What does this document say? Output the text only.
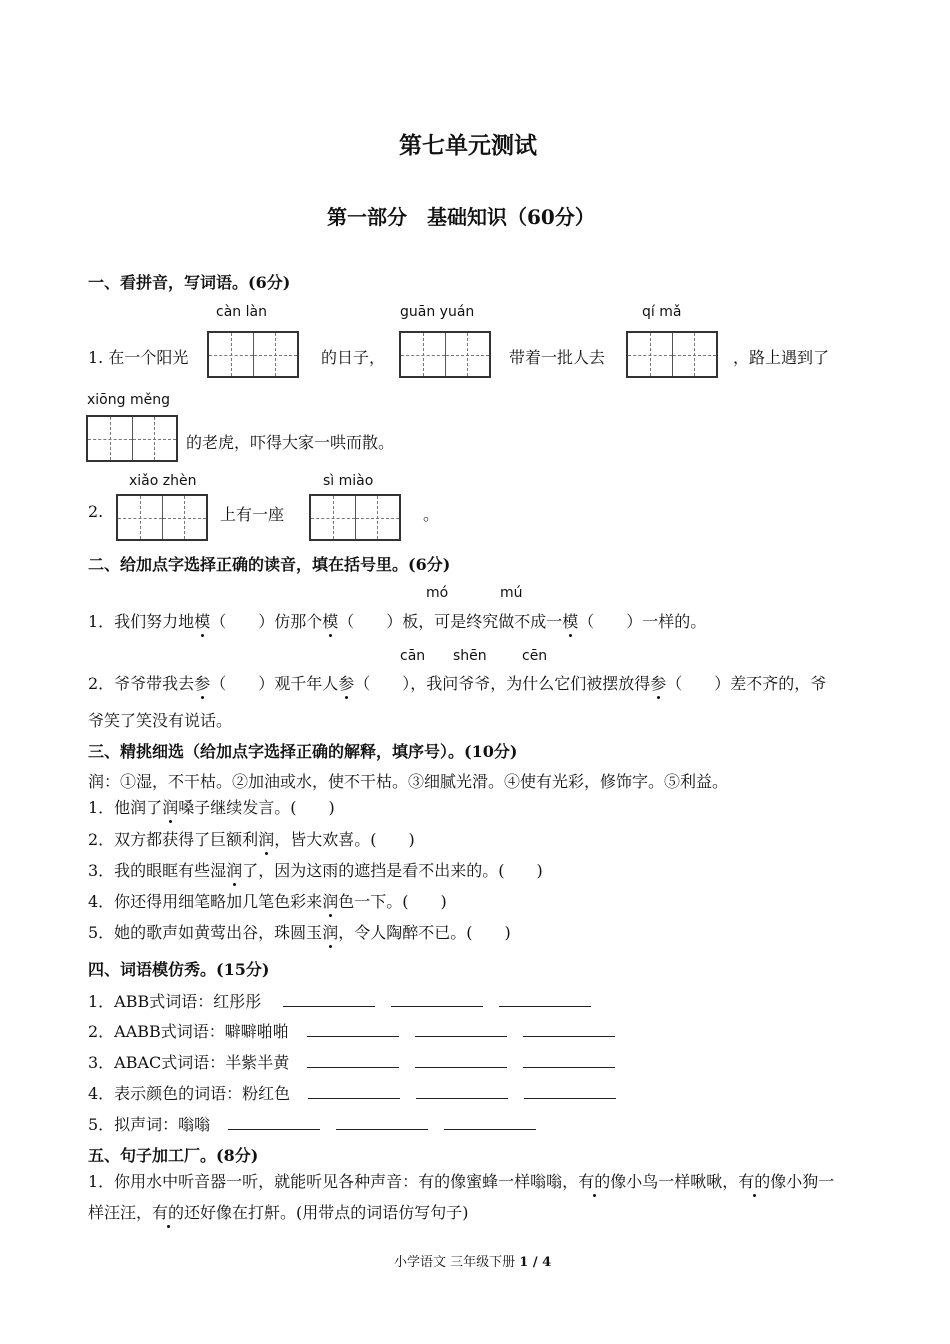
第七单元测试
第一部分　基础知识（60分）
一、看拼音，写词语。(6分)
càn làn	guān yuán	qí mǎ
1. 在一个阳光	的日子，	带着一批人去	，路上遇到了
xiōng měng
的老虎，吓得大家一哄而散。
xiǎo zhèn	sì miào
2.	上有一座	。
二、给加点字选择正确的读音，填在括号里。(6分)
mó	mú
1．我们努力地模（　　）仿那个模（　　）板，可是终究做不成一模（　　）一样的。
cān shēn	cēn
2．爷爷带我去参（　　）观千年人参（　　），我问爷爷，为什么它们被摆放得参（　　）差不齐的，爷
爷笑了笑没有说话。
三、精挑细选（给加点字选择正确的解释，填序号）。(10分)
润：①湿，不干枯。②加油或水，使不干枯。③细腻光滑。④使有光彩，修饰字。⑤利益。
1．他润了润嗓子继续发言。(　　)
2．双方都获得了巨额利润，皆大欢喜。(　　)
3．我的眼眶有些湿润了，因为这雨的遮挡是看不出来的。(　　)
4．你还得用细笔略加几笔色彩来润色一下。(　　)
5．她的歌声如黄莺出谷，珠圆玉润，令人陶醉不已。(　　)
四、词语模仿秀。(15分)
1．ABB式词语：红彤彤
2．AABB式词语：噼噼啪啪
3．ABAC式词语：半紫半黄
4．表示颜色的词语：粉红色
5．拟声词：嗡嗡
五、句子加工厂。(8分)
1．你用水中听音器一听，就能听见各种声音：有的像蜜蜂一样嗡嗡，有的像小鸟一样啾啾，有的像小狗一
样汪汪，有的还好像在打鼾。(用带点的词语仿写句子)
小学语文 三年级下册 1 / 4
